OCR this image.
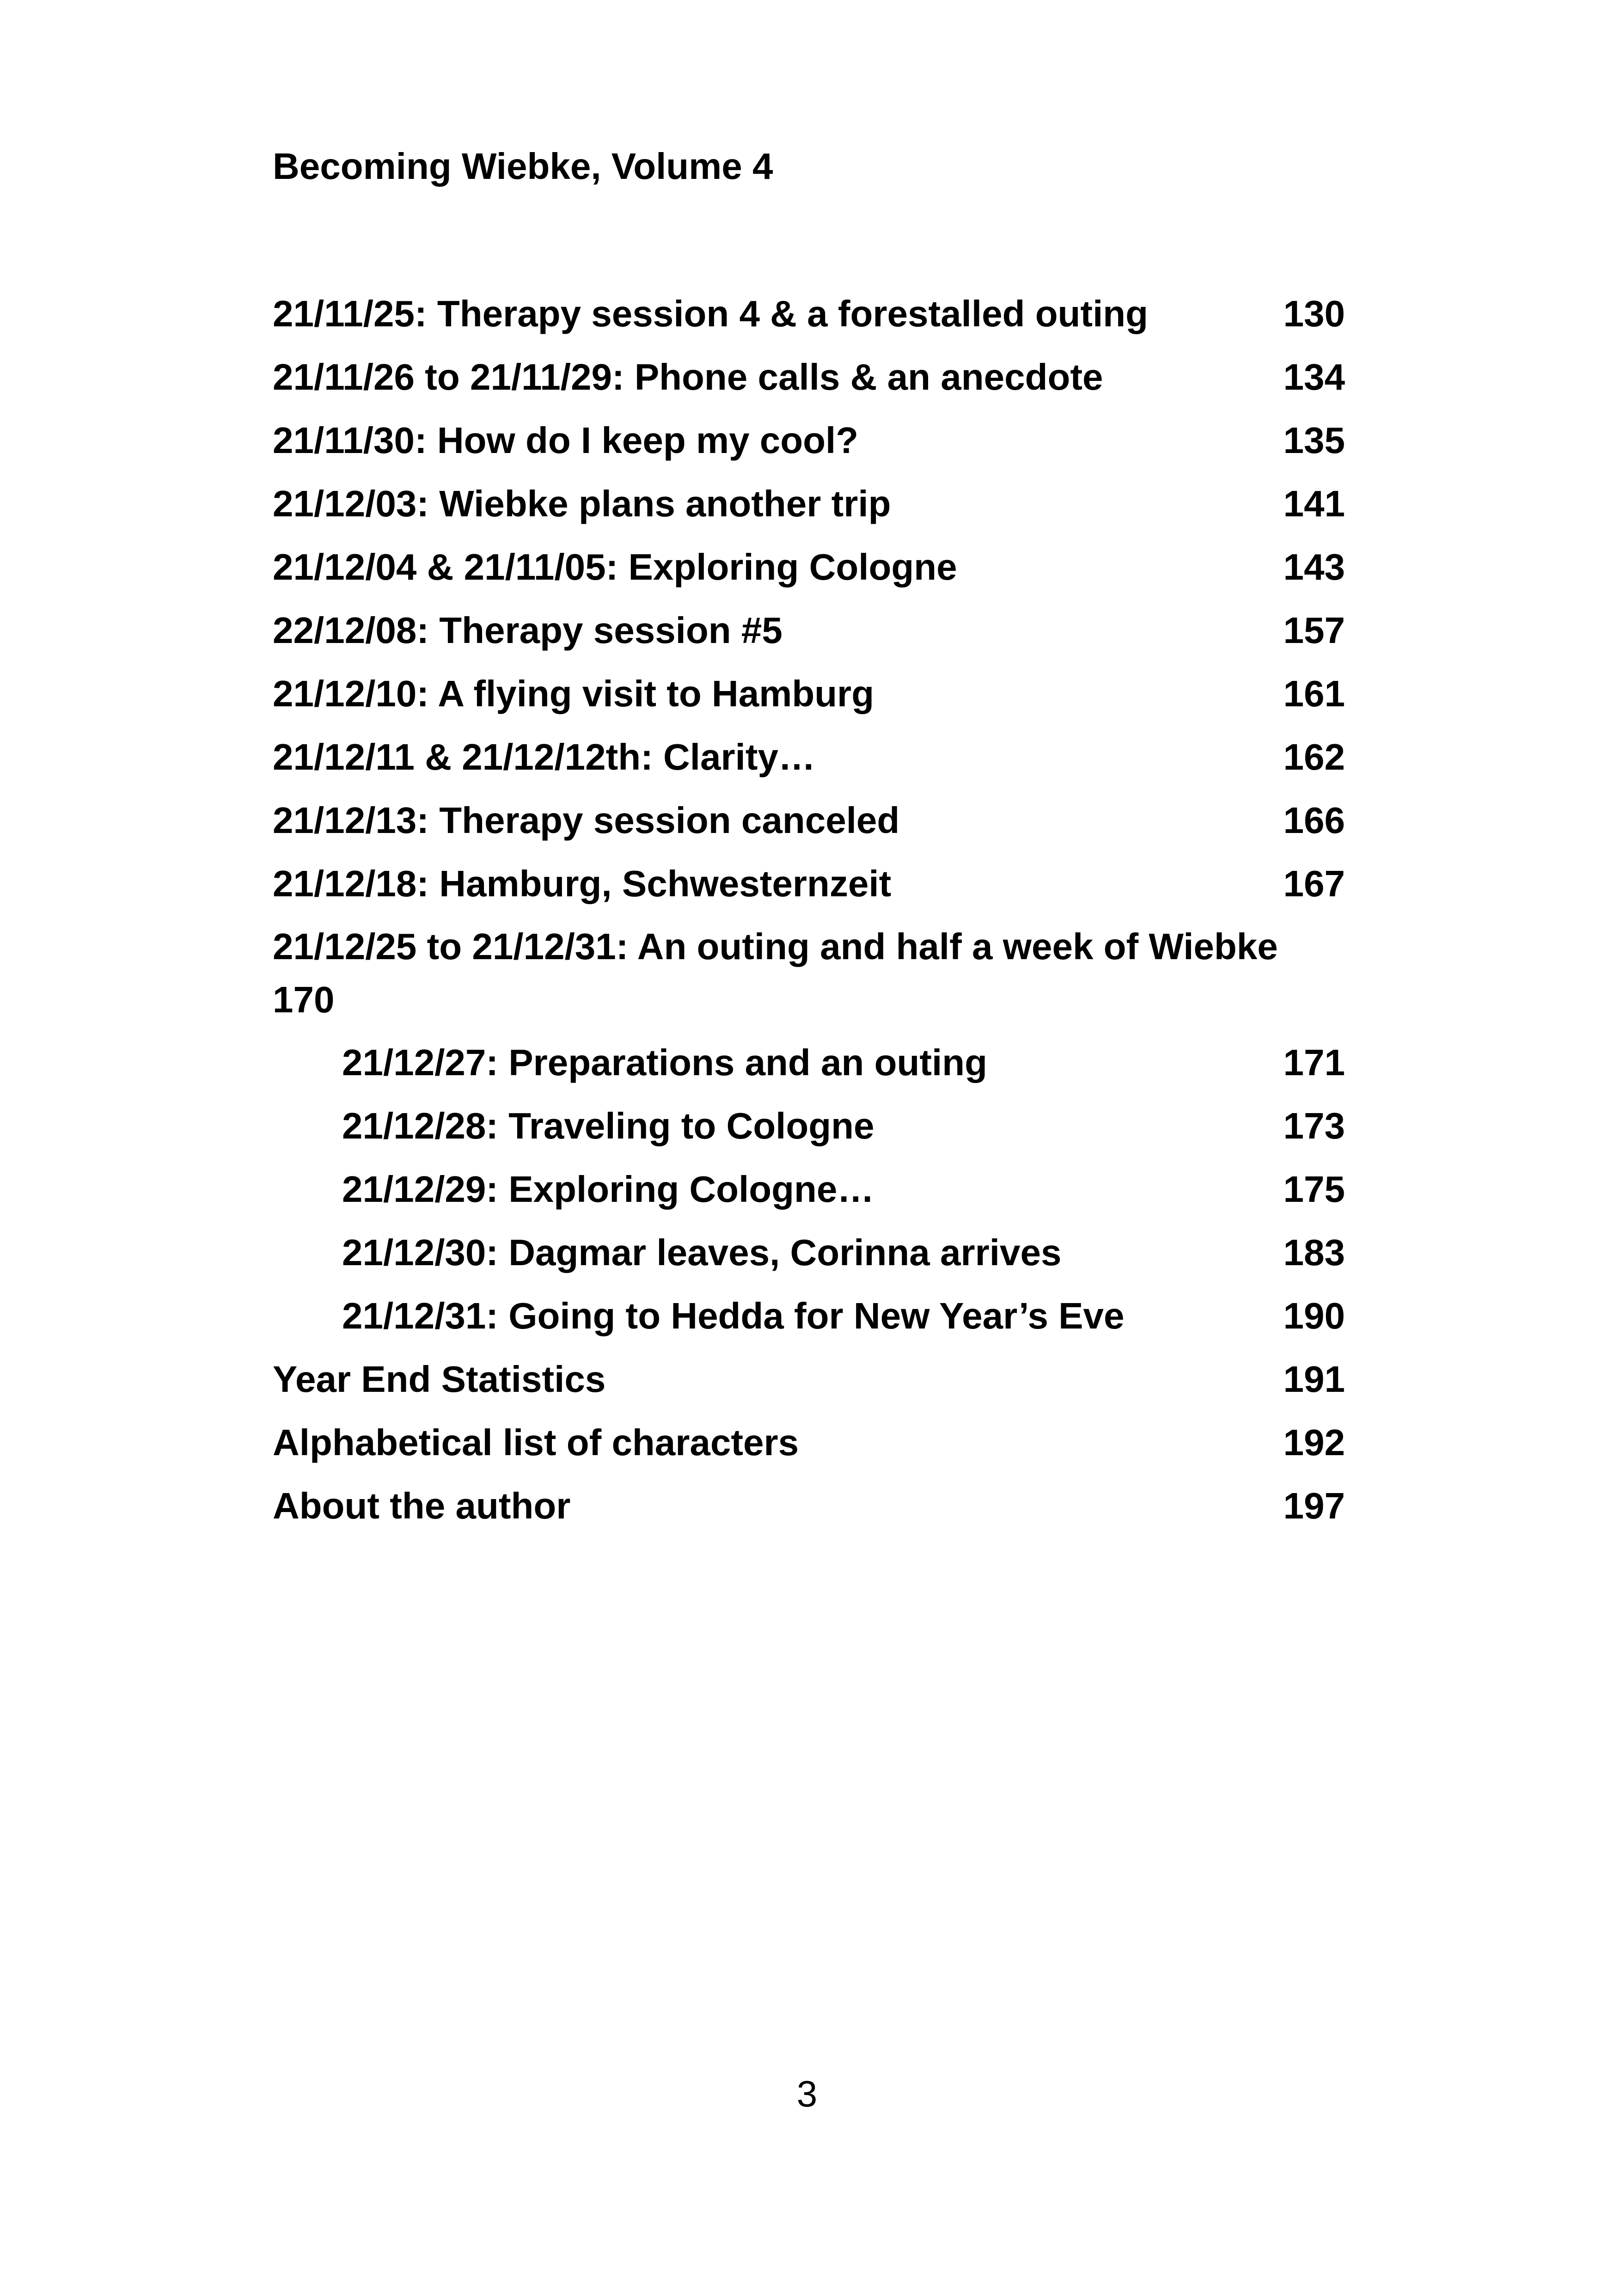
Becoming Wiebke, Volume 4
21/11/25: Therapy session 4 & a forestalled outing	130
21/11/26 to 21/11/29: Phone calls & an anecdote	134
21/11/30: How do I keep my cool?	135
21/12/03: Wiebke plans another trip	141
21/12/04 & 21/11/05: Exploring Cologne	143
22/12/08: Therapy session #5	157
21/12/10: A flying visit to Hamburg	161
21/12/11 & 21/12/12th: Clarity…	162
21/12/13: Therapy session canceled	166
21/12/18: Hamburg, Schwesternzeit	167
21/12/25 to 21/12/31: An outing and half a week of Wiebke
170
21/12/27: Preparations and an outing	171
21/12/28: Traveling to Cologne	173
21/12/29: Exploring Cologne…	175
21/12/30: Dagmar leaves, Corinna arrives	183
21/12/31: Going to Hedda for New Year’s Eve	190
Year End Statistics	191
Alphabetical list of characters	192
About the author	197
3
